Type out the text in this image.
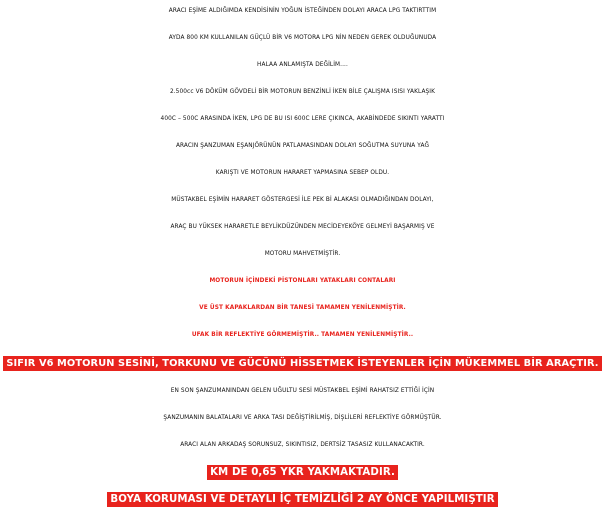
ARACI EŞİME ALDIĞIMDA KENDİSİNİN YOĞUN İSTEĞİNDEN DOLAYI ARACA LPG TAKTIRTTIM
AYDA 800 KM KULLANILAN GÜÇLÜ BİR V6 MOTORA LPG NİN NEDEN GEREK OLDUĞUNUDA
HALAA ANLAMIŞTA DEĞİLİM....
2.500cc V6 DÖKÜM GÖVDELİ BİR MOTORUN BENZİNLİ İKEN BİLE ÇALIŞMA ISISI YAKLAŞIK
400C – 500C ARASINDA İKEN, LPG DE BU ISI 600C LERE ÇIKINCA, AKABİNDEDE SIKINTI YARATTI
ARACIN ŞANZUMAN EŞANJÖRÜNÜN PATLAMASINDAN DOLAYI SOĞUTMA SUYUNA YAĞ
KARIŞTI VE MOTORUN HARARET YAPMASINA SEBEP OLDU.
MÜSTAKBEL EŞİMİN HARARET GÖSTERGESİ İLE PEK Bİ ALAKASI OLMADIĞINDAN DOLAYI,
ARAÇ BU YÜKSEK HARARETLE BEYLİKDÜZÜNDEN MECİDEYEKÖYE GELMEYİ BAŞARMIŞ VE
MOTORU MAHVETMİŞTİR.
MOTORUN İÇİNDEKİ PİSTONLARI YATAKLARI CONTALARI
VE ÜST KAPAKLARDAN BİR TANESİ TAMAMEN YENİLENMİŞTİR.
UFAK BİR REFLEKTİYE GÖRMEMİŞTİR.. TAMAMEN YENİLENMİŞTİR..
SIFIR V6 MOTORUN SESİNİ, TORKUNU VE GÜCÜNÜ HİSSETMEK İSTEYENLER İÇİN MÜKEMMEL BİR ARAÇTIR.
EN SON ŞANZUMANINDAN GELEN UĞULTU SESİ MÜSTAKBEL EŞİMİ RAHATSIZ ETTİĞİ İÇİN
ŞANZUMANIN BALATALARI VE ARKA TASI DEĞİŞTİRİLMİŞ, DİŞLİLERİ REFLEKTİYE GÖRMÜŞTÜR.
ARACI ALAN ARKADAŞ SORUNSUZ, SIKINTISIZ, DERTSİZ TASASIZ KULLANACAKTIR.
KM DE 0,65 YKR YAKMAKTADIR.
BOYA KORUMASI VE DETAYLI İÇ TEMİZLİĞİ 2 AY ÖNCE YAPILMIŞTIR
